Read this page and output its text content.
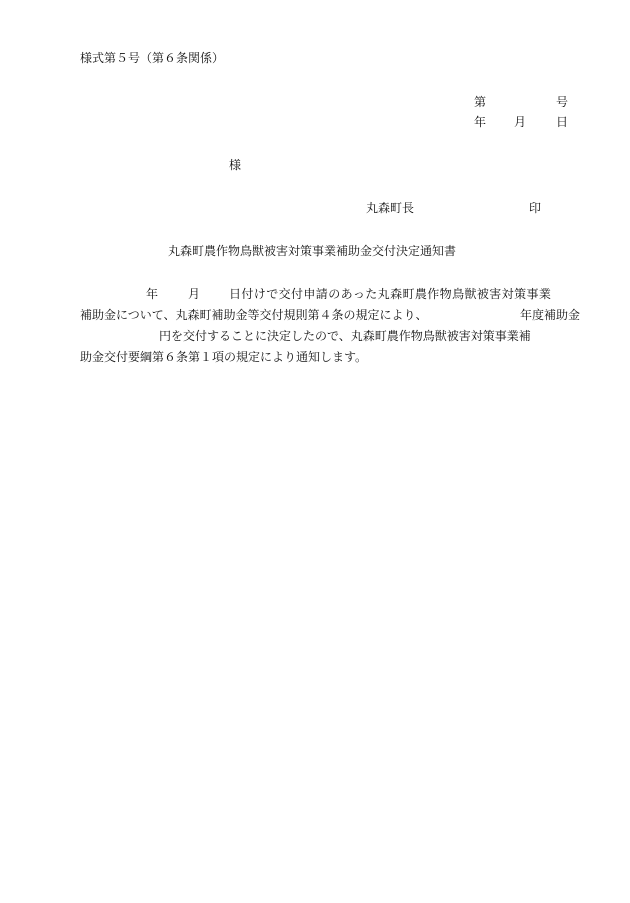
様式第５号（第６条関係）
第	号
年 月 日
様
丸森町長	印
丸森町農作物鳥獣被害対策事業補助金交付決定通知書
年 月 日付けで交付申請のあった丸森町農作物鳥獣被害対策事業
補助金について、丸森町補助金等交付規則第４条の規定により、	年度補助金
円を交付することに決定したので、丸森町農作物鳥獣被害対策事業補
助金交付要綱第６条第１項の規定により通知します。
